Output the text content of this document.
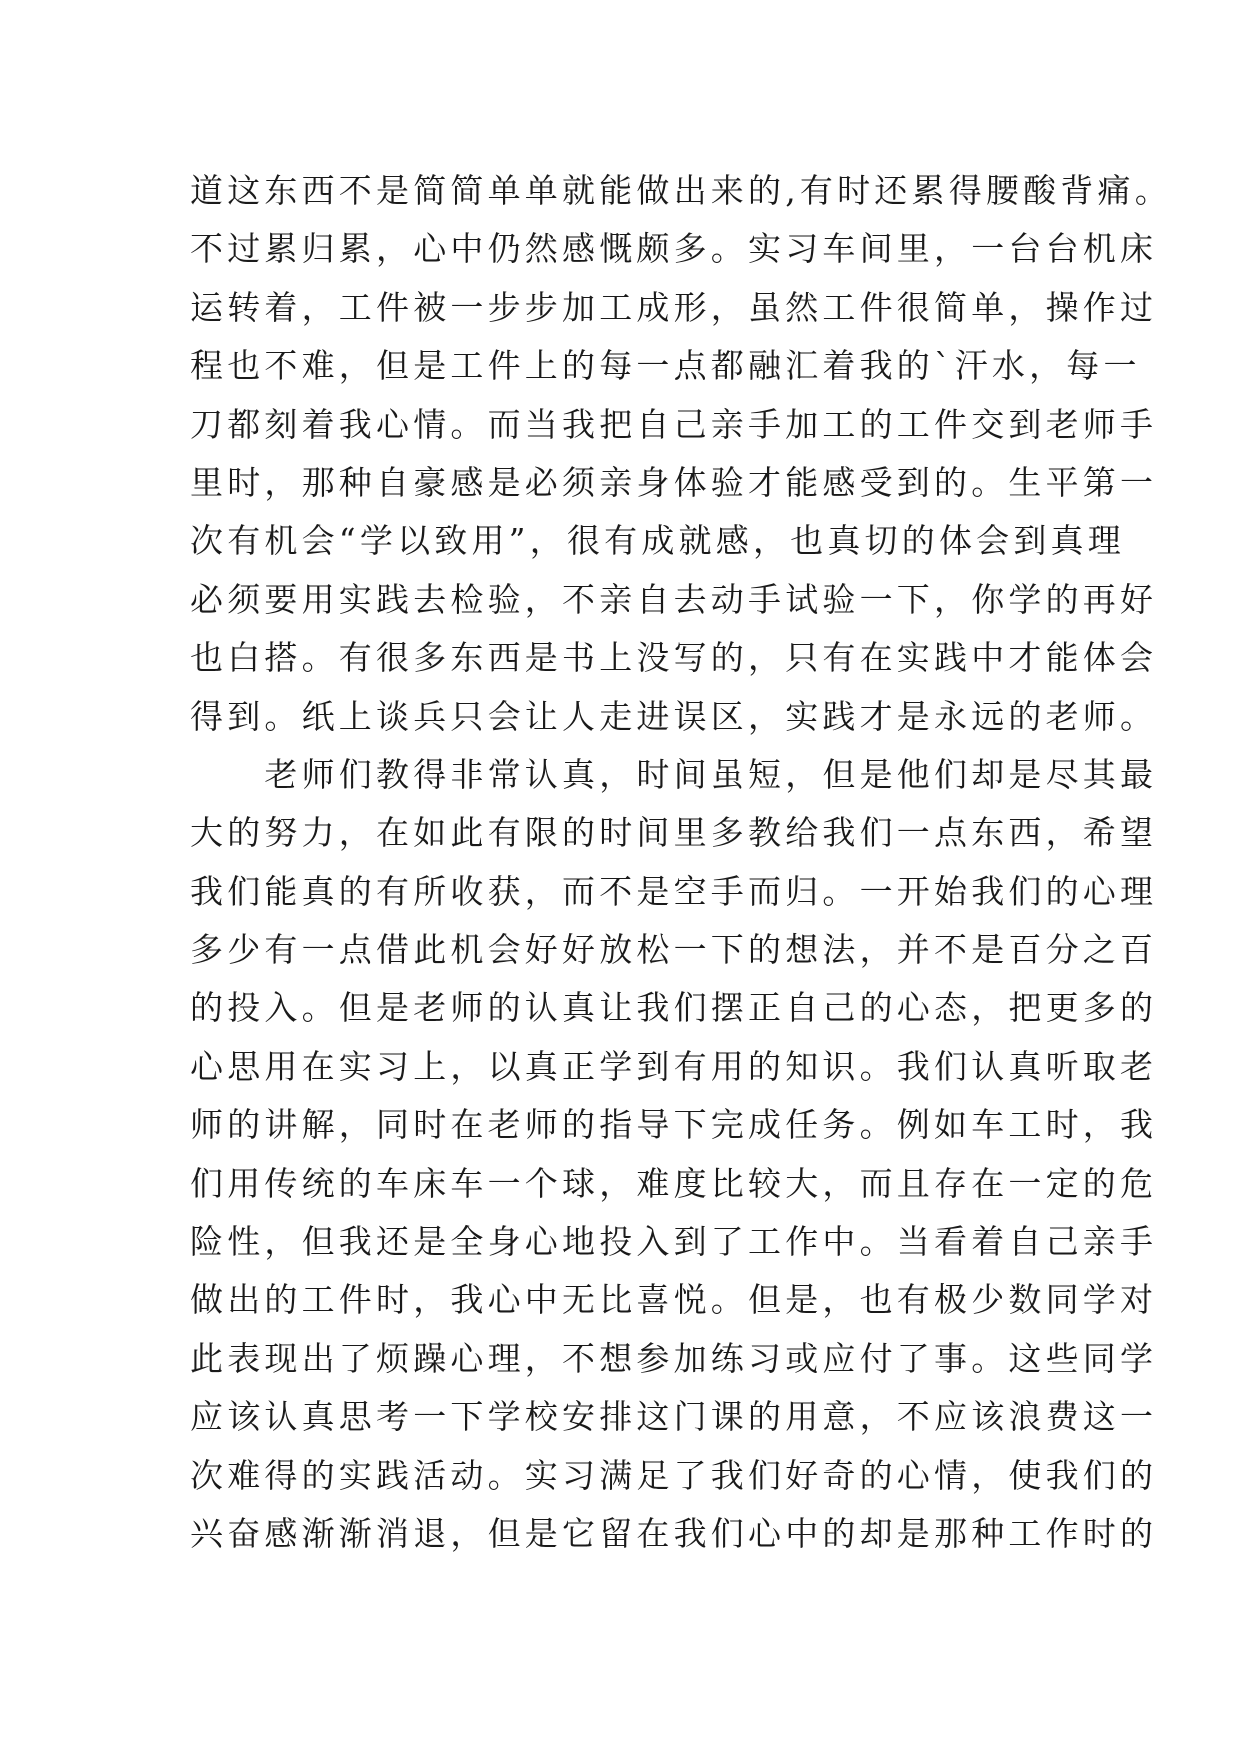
道这东西不是简简单单就能做出来的,有时还累得腰酸背痛。
不过累归累，心中仍然感慨颇多。实习车间里，一台台机床
运转着，工件被一步步加工成形，虽然工件很简单，操作过
程也不难，但是工件上的每一点都融汇着我的`汗水，每一
刀都刻着我心情。而当我把自己亲手加工的工件交到老师手
里时，那种自豪感是必须亲身体验才能感受到的。生平第一
次有机会“学以致用”，很有成就感，也真切的体会到真理
必须要用实践去检验，不亲自去动手试验一下，你学的再好
也白搭。有很多东西是书上没写的，只有在实践中才能体会
得到。纸上谈兵只会让人走进误区，实践才是永远的老师。
　　老师们教得非常认真，时间虽短，但是他们却是尽其最
大的努力，在如此有限的时间里多教给我们一点东西，希望
我们能真的有所收获，而不是空手而归。一开始我们的心理
多少有一点借此机会好好放松一下的想法，并不是百分之百
的投入。但是老师的认真让我们摆正自己的心态，把更多的
心思用在实习上，以真正学到有用的知识。我们认真听取老
师的讲解，同时在老师的指导下完成任务。例如车工时，我
们用传统的车床车一个球，难度比较大，而且存在一定的危
险性，但我还是全身心地投入到了工作中。当看着自己亲手
做出的工件时，我心中无比喜悦。但是，也有极少数同学对
此表现出了烦躁心理，不想参加练习或应付了事。这些同学
应该认真思考一下学校安排这门课的用意，不应该浪费这一
次难得的实践活动。实习满足了我们好奇的心情，使我们的
兴奋感渐渐消退，但是它留在我们心中的却是那种工作时的
